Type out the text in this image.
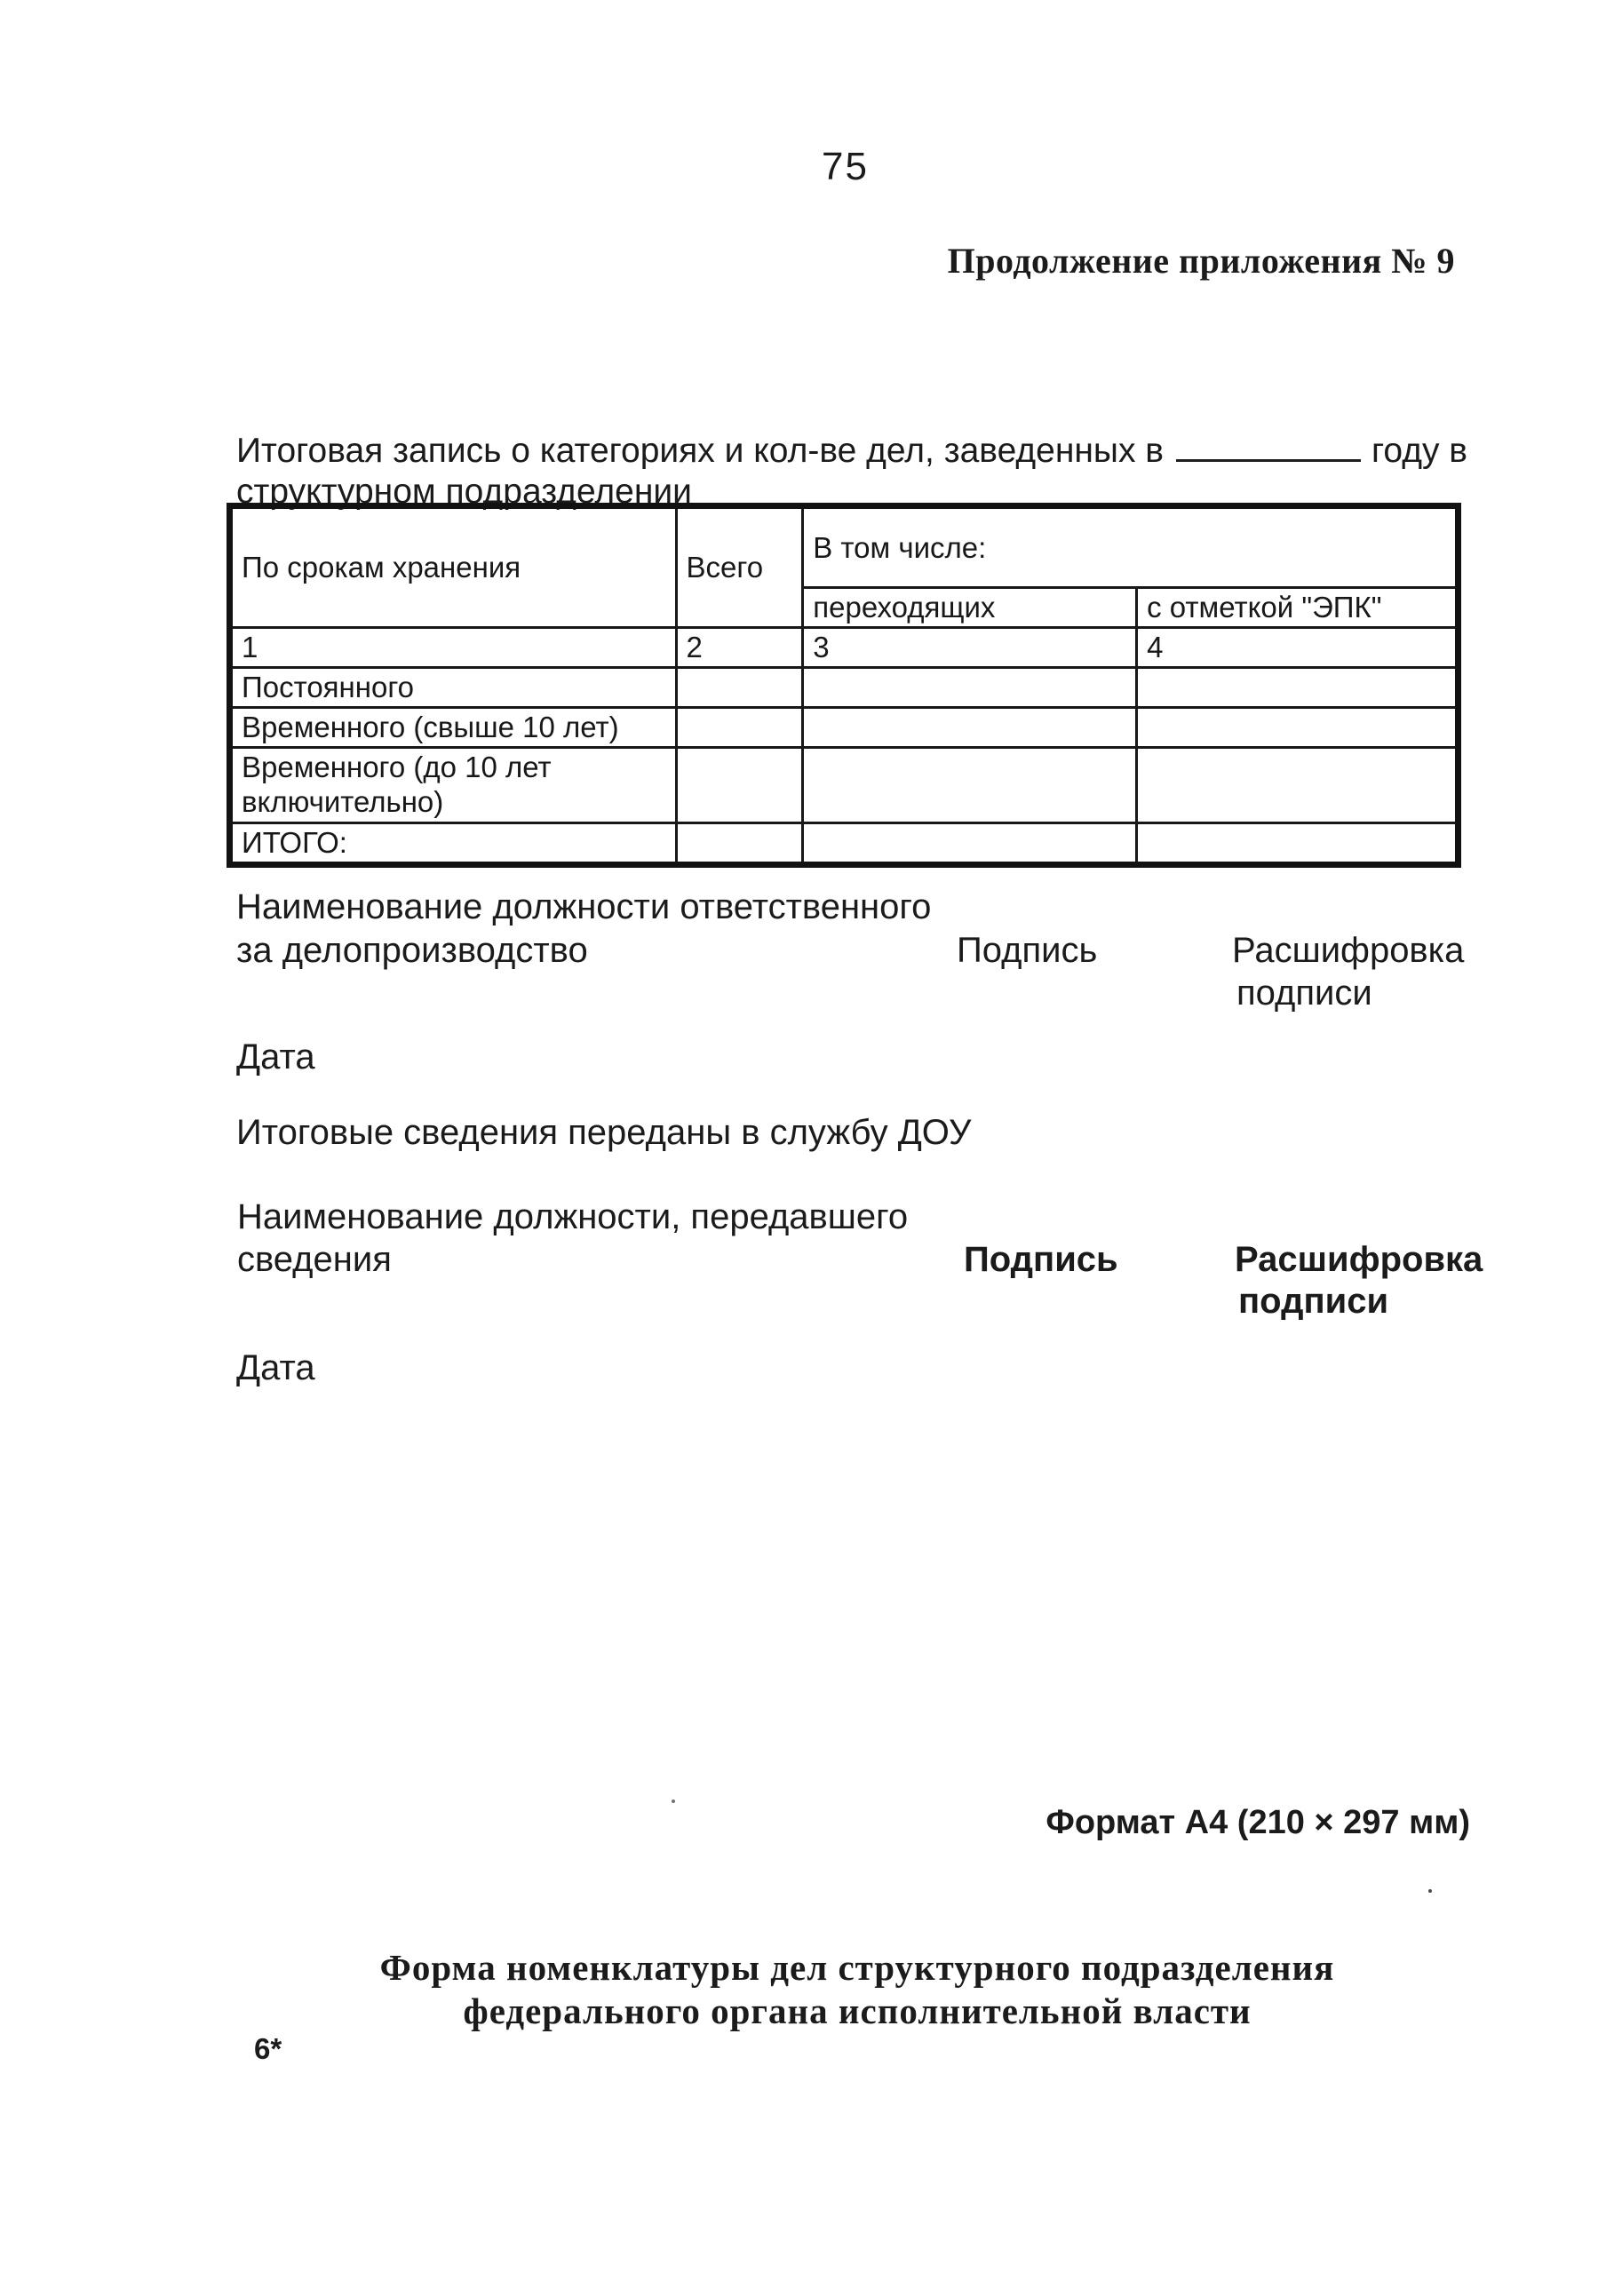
75
Продолжение приложения № 9
Итоговая запись о категориях и кол-ве дел, заведенных в	году в
структурном подразделении
По срокам хранения	Всего	В том числе:	
		переходящих	с отметкой "ЭПК"
1	2	3	4
Постоянного			
Временного (свыше 10 лет)			
Временного (до 10 лет включительно)			
ИТОГО:			
Наименование должности ответственного
за делопроизводство	Подпись	Расшифровка
подписи
Дата
Итоговые сведения переданы в службу ДОУ
Наименование должности, передавшего
сведения	Подпись	Расшифровка
подписи
Дата
Формат А4 (210 × 297 мм)
Форма номенклатуры дел структурного подразделения
федерального органа исполнительной власти
6*
